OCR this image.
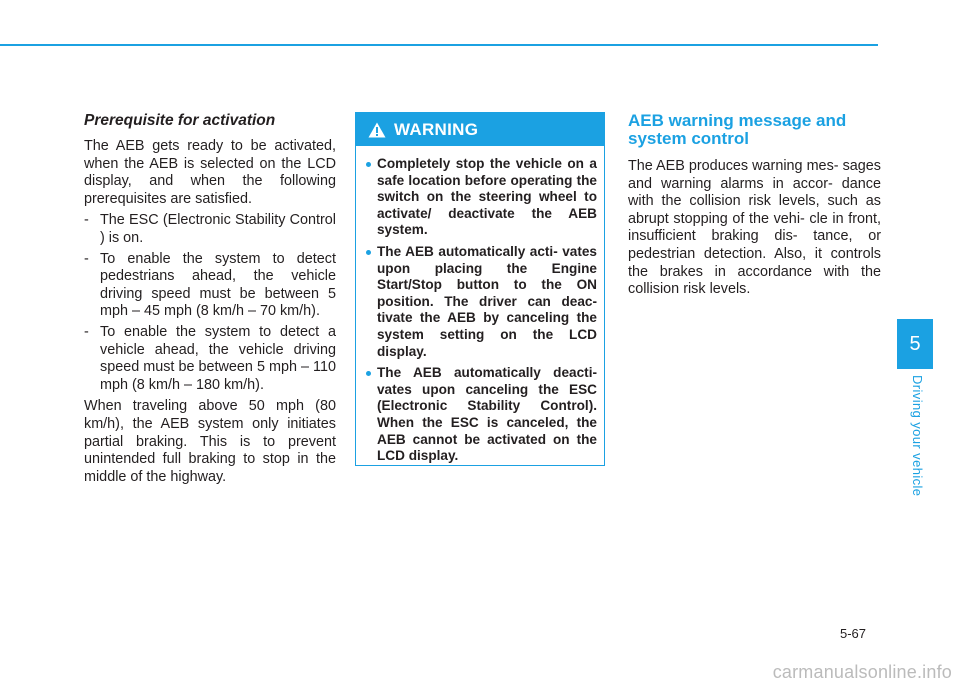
Prerequisite for activation

The AEB gets ready to be activated, when the AEB is selected on the LCD display, and when the following prerequisites are satisfied.

- The ESC (Electronic Stability Control ) is on.
- To enable the system to detect pedestrians ahead, the vehicle driving speed must be between 5 mph – 45 mph (8 km/h – 70 km/h).
- To enable the system to detect a vehicle ahead, the vehicle driving speed must be between 5 mph – 110 mph (8 km/h – 180 km/h).

When traveling above 50 mph (80 km/h), the AEB system only initiates partial braking. This is to prevent unintended full braking to stop in the middle of the highway.

WARNING
Completely stop the vehicle on a safe location before operating the switch on the steering wheel to activate/ deactivate the AEB system.
The AEB automatically acti- vates upon placing the Engine Start/Stop button to the ON position. The driver can deac- tivate the AEB by canceling the system setting on the LCD display.
The AEB automatically deacti- vates upon canceling the ESC (Electronic Stability Control). When the ESC is canceled, the AEB cannot be activated on the LCD display.
AEB warning message and system control

The AEB produces warning mes- sages and warning alarms in accor- dance with the collision risk levels, such as abrupt stopping of the vehi- cle in front, insufficient braking dis- tance, or pedestrian detection. Also, it controls the brakes in accordance with the collision risk levels.

5
Driving your vehicle
5-67
carmanualsonline.info
